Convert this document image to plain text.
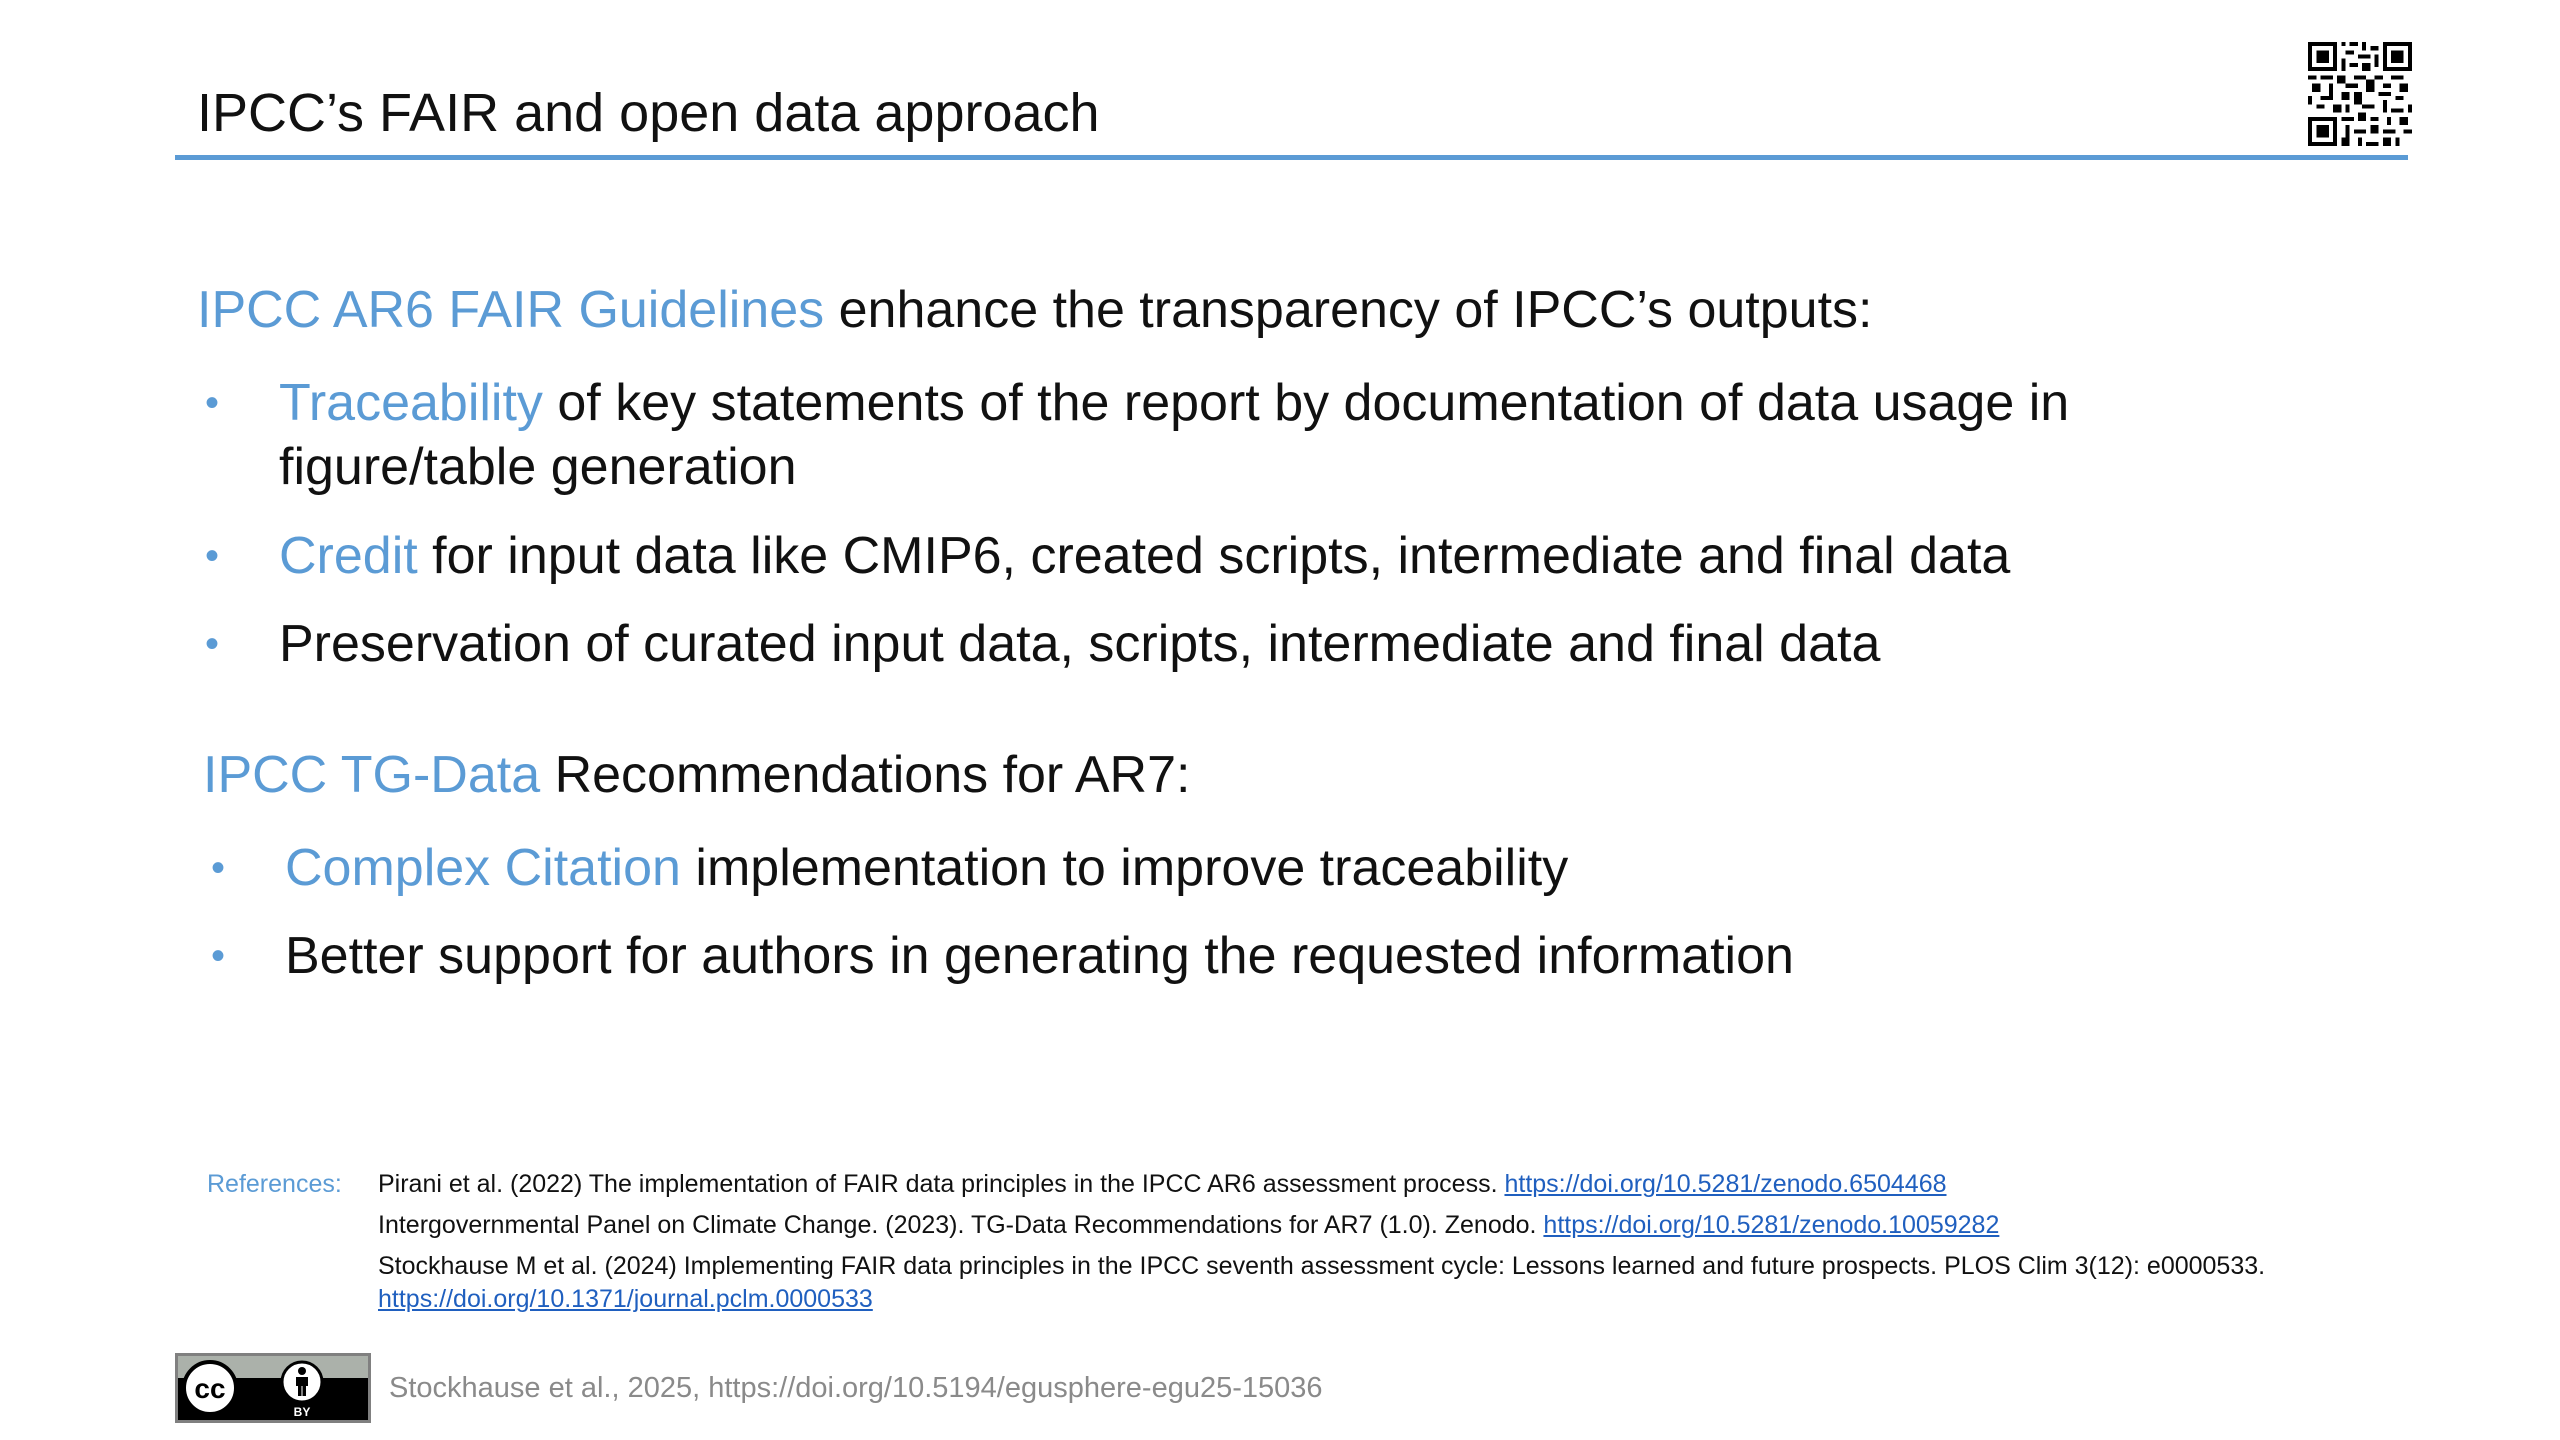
IPCC’s FAIR and open data approach
IPCC AR6 FAIR Guidelines enhance the transparency of IPCC’s outputs:
• Traceability of key statements of the report by documentation of data usage in figure/table generation
• Credit for input data like CMIP6, created scripts, intermediate and final data
• Preservation of curated input data, scripts, intermediate and final data
IPCC TG-Data Recommendations for AR7:
• Complex Citation implementation to improve traceability
• Better support for authors in generating the requested information
References: Pirani et al. (2022) The implementation of FAIR data principles in the IPCC AR6 assessment process. https://doi.org/10.5281/zenodo.6504468
Intergovernmental Panel on Climate Change. (2023). TG-Data Recommendations for AR7 (1.0). Zenodo. https://doi.org/10.5281/zenodo.10059282
Stockhause M et al. (2024) Implementing FAIR data principles in the IPCC seventh assessment cycle: Lessons learned and future prospects. PLOS Clim 3(12): e0000533. https://doi.org/10.1371/journal.pclm.0000533
cc
BY
Stockhause et al., 2025, https://doi.org/10.5194/egusphere-egu25-15036
